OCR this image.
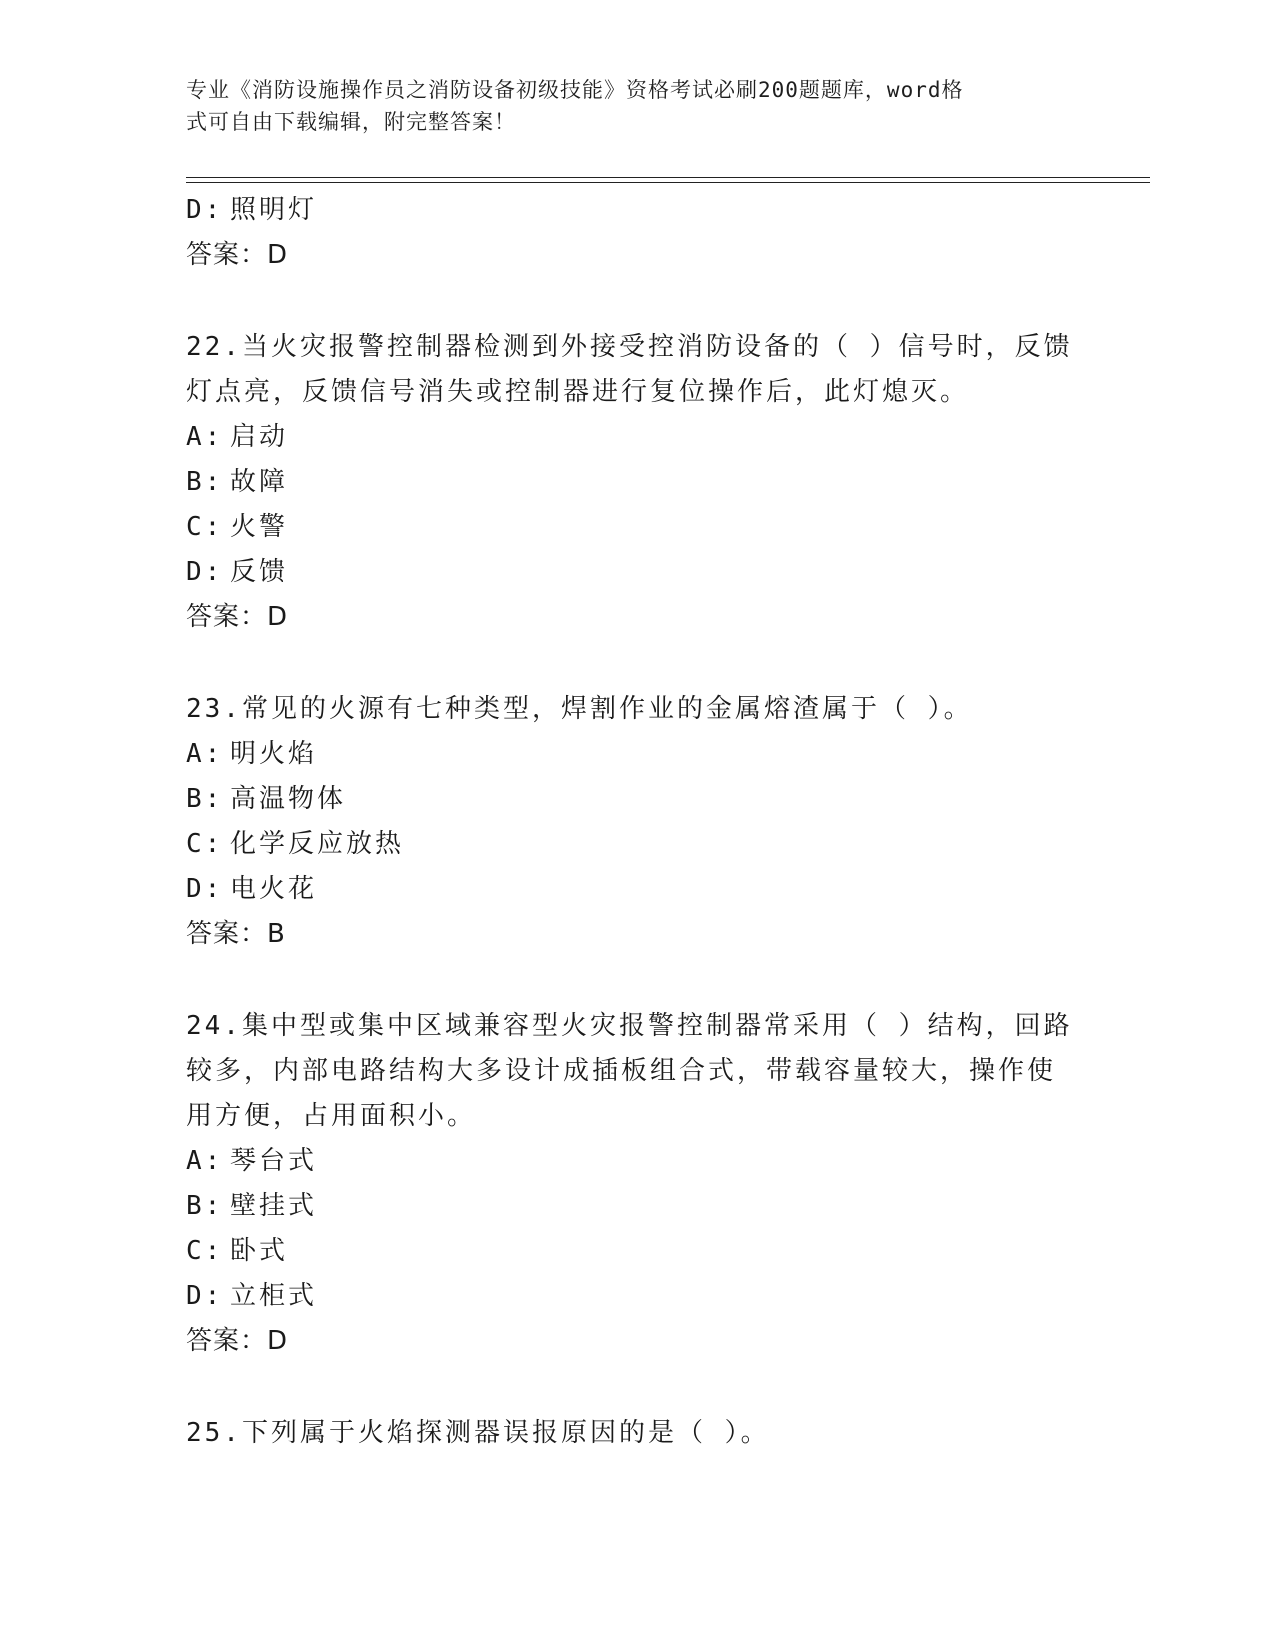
专业《消防设施操作员之消防设备初级技能》资格考试必刷200题题库，word格
式可自由下载编辑，附完整答案！
D: 照明灯
答案：D
22.当火灾报警控制器检测到外接受控消防设备的（ ）信号时，反馈
灯点亮，反馈信号消失或控制器进行复位操作后，此灯熄灭。
A: 启动
B: 故障
C: 火警
D: 反馈
答案：D
23.常见的火源有七种类型，焊割作业的金属熔渣属于（ ）。
A: 明火焰
B: 高温物体
C: 化学反应放热
D: 电火花
答案：B
24.集中型或集中区域兼容型火灾报警控制器常采用（ ）结构，回路
较多，内部电路结构大多设计成插板组合式，带载容量较大，操作使
用方便，占用面积小。
A: 琴台式
B: 壁挂式
C: 卧式
D: 立柜式
答案：D
25.下列属于火焰探测器误报原因的是（ ）。
